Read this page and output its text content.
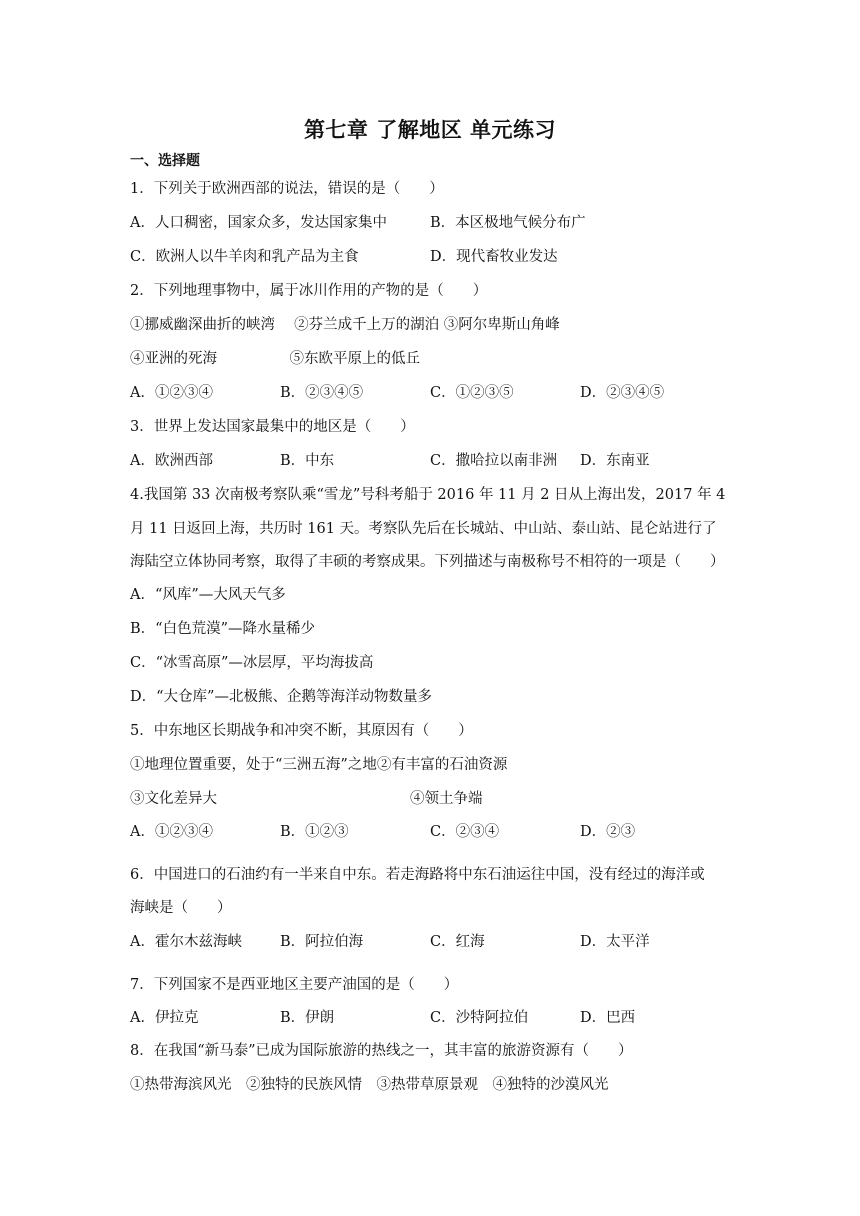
第七章 了解地区 单元练习
一、选择题
1．下列关于欧洲西部的说法，错误的是（　　）
A．人口稠密，国家众多，发达国家集中	B．本区极地气候分布广
C．欧洲人以牛羊肉和乳产品为主食	D．现代畜牧业发达
2．下列地理事物中，属于冰川作用的产物的是（　　）
①挪威幽深曲折的峡湾　 ②芬兰成千上万的湖泊 ③阿尔卑斯山角峰
④亚洲的死海　　　　　⑤东欧平原上的低丘
A．①②③④	B．②③④⑤	C．①②③⑤	D．②③④⑤
3．世界上发达国家最集中的地区是（　　）
A．欧洲西部	B．中东	C．撒哈拉以南非洲 D．东南亚
4.我国第 33 次南极考察队乘“雪龙”号科考船于 2016 年 11 月 2 日从上海出发，2017 年 4
月 11 日返回上海，共历时 161 天。考察队先后在长城站、中山站、泰山站、昆仑站进行了
海陆空立体协同考察，取得了丰硕的考察成果。下列描述与南极称号不相符的一项是（　　）
A．“风库”—大风天气多
B．“白色荒漠”—降水量稀少
C．“冰雪高原”—冰层厚，平均海拔高
D．“大仓库”—北极熊、企鹅等海洋动物数量多
5．中东地区长期战争和冲突不断，其原因有（　　）
①地理位置重要，处于“三洲五海”之地②有丰富的石油资源
③文化差异大	④领土争端
A．①②③④	B．①②③	C．②③④	D．②③
6．中国进口的石油约有一半来自中东。若走海路将中东石油运往中国，没有经过的海洋或
海峡是（　　）
A．霍尔木兹海峡	B．阿拉伯海	C．红海	D．太平洋
7．下列国家不是西亚地区主要产油国的是（　　）
A．伊拉克	B．伊朗	C．沙特阿拉伯	D．巴西
8．在我国“新马泰”已成为国际旅游的热线之一，其丰富的旅游资源有（　　）
①热带海滨风光　②独特的民族风情　③热带草原景观　④独特的沙漠风光
